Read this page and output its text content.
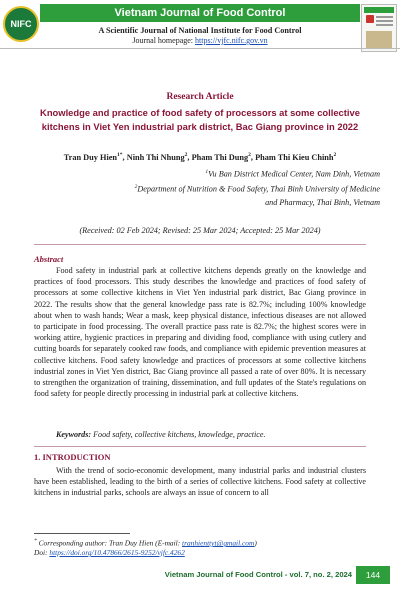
NIFC
Vietnam Journal of Food Control
A Scientific Journal of National Institute for Food Control
Journal homepage: https://vjfc.nifc.gov.vn
Research Article
Knowledge and practice of food safety of processors at some collective kitchens in Viet Yen industrial park district, Bac Giang province in 2022
Tran Duy Hien$^{1*}$, Ninh Thi Nhung$^2$, Pham Thi Dung$^2$, Pham Thi Kieu Chinh$^2$
$^1$Vu Ban District Medical Center, Nam Dinh, Vietnam
$^2$Department of Nutrition & Food Safety, Thai Binh University of Medicine
and Pharmacy, Thai Binh, Vietnam
(Received: 02 Feb 2024; Revised: 25 Mar 2024; Accepted: 25 Mar 2024)
Abstract
Food safety in industrial park at collective kitchens depends greatly on the knowledge and practices of food processors. This study describes the knowledge and practices of food safety of processors at some collective kitchens in Viet Yen industrial park district, Bac Giang province in 2022. The results show that the general knowledge pass rate is 82.7%; including 100% knowledge about when to wash hands; Wear a mask, keep physical distance, infectious diseases are not allowed to participate in food processing. The overall practice pass rate is 82.7%; the highest scores were in working attire, hygienic practices in preparing and dividing food, compliance with using cutlery and cutting boards for separately cooked raw foods, and compliance with epidemic prevention measures at collective kitchens. Food safety knowledge and practices of processors at some collective kitchens industrial zones in Viet Yen district, Bac Giang province all passed a rate of over 80%. It is necessary to strengthen the organization of training, dissemination, and full updates of the State's regulations on food safety for people directly processing in industrial park at collective kitchens.
Keywords: Food safety, collective kitchens, knowledge, practice.
1. INTRODUCTION
With the trend of socio-economic development, many industrial parks and industrial clusters have been established, leading to the birth of a series of collective kitchens. Food safety at collective kitchens in industrial parks, schools are always an issue of concern to all
* Corresponding author: Tran Duy Hien (E-mail: tranhienttyt@gmail.com)
Doi: https://doi.org/10.47866/2615-9252/vjfc.4262
Vietnam Journal of Food Control - vol. 7, no. 2, 2024	144
